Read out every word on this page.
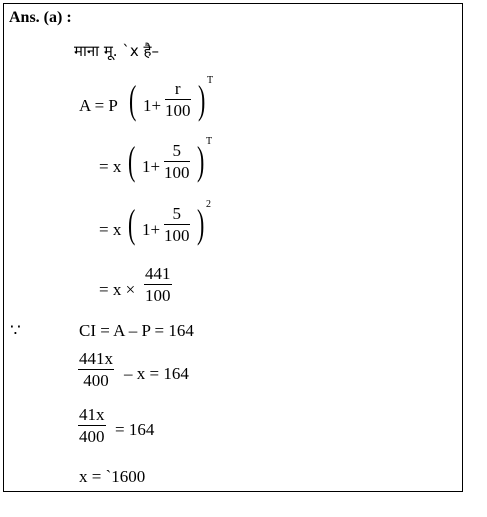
Ans. (a) :
माना मू. `x है–
A = P ( 1+
r
100 ) T
= x ( 1+
5
100 ) T
= x ( 1+
5
100 ) 2
= x ×
441
100
∵	CI = A – P = 164
441x
400 – x = 164
41x
400 = 164
x = `1600
